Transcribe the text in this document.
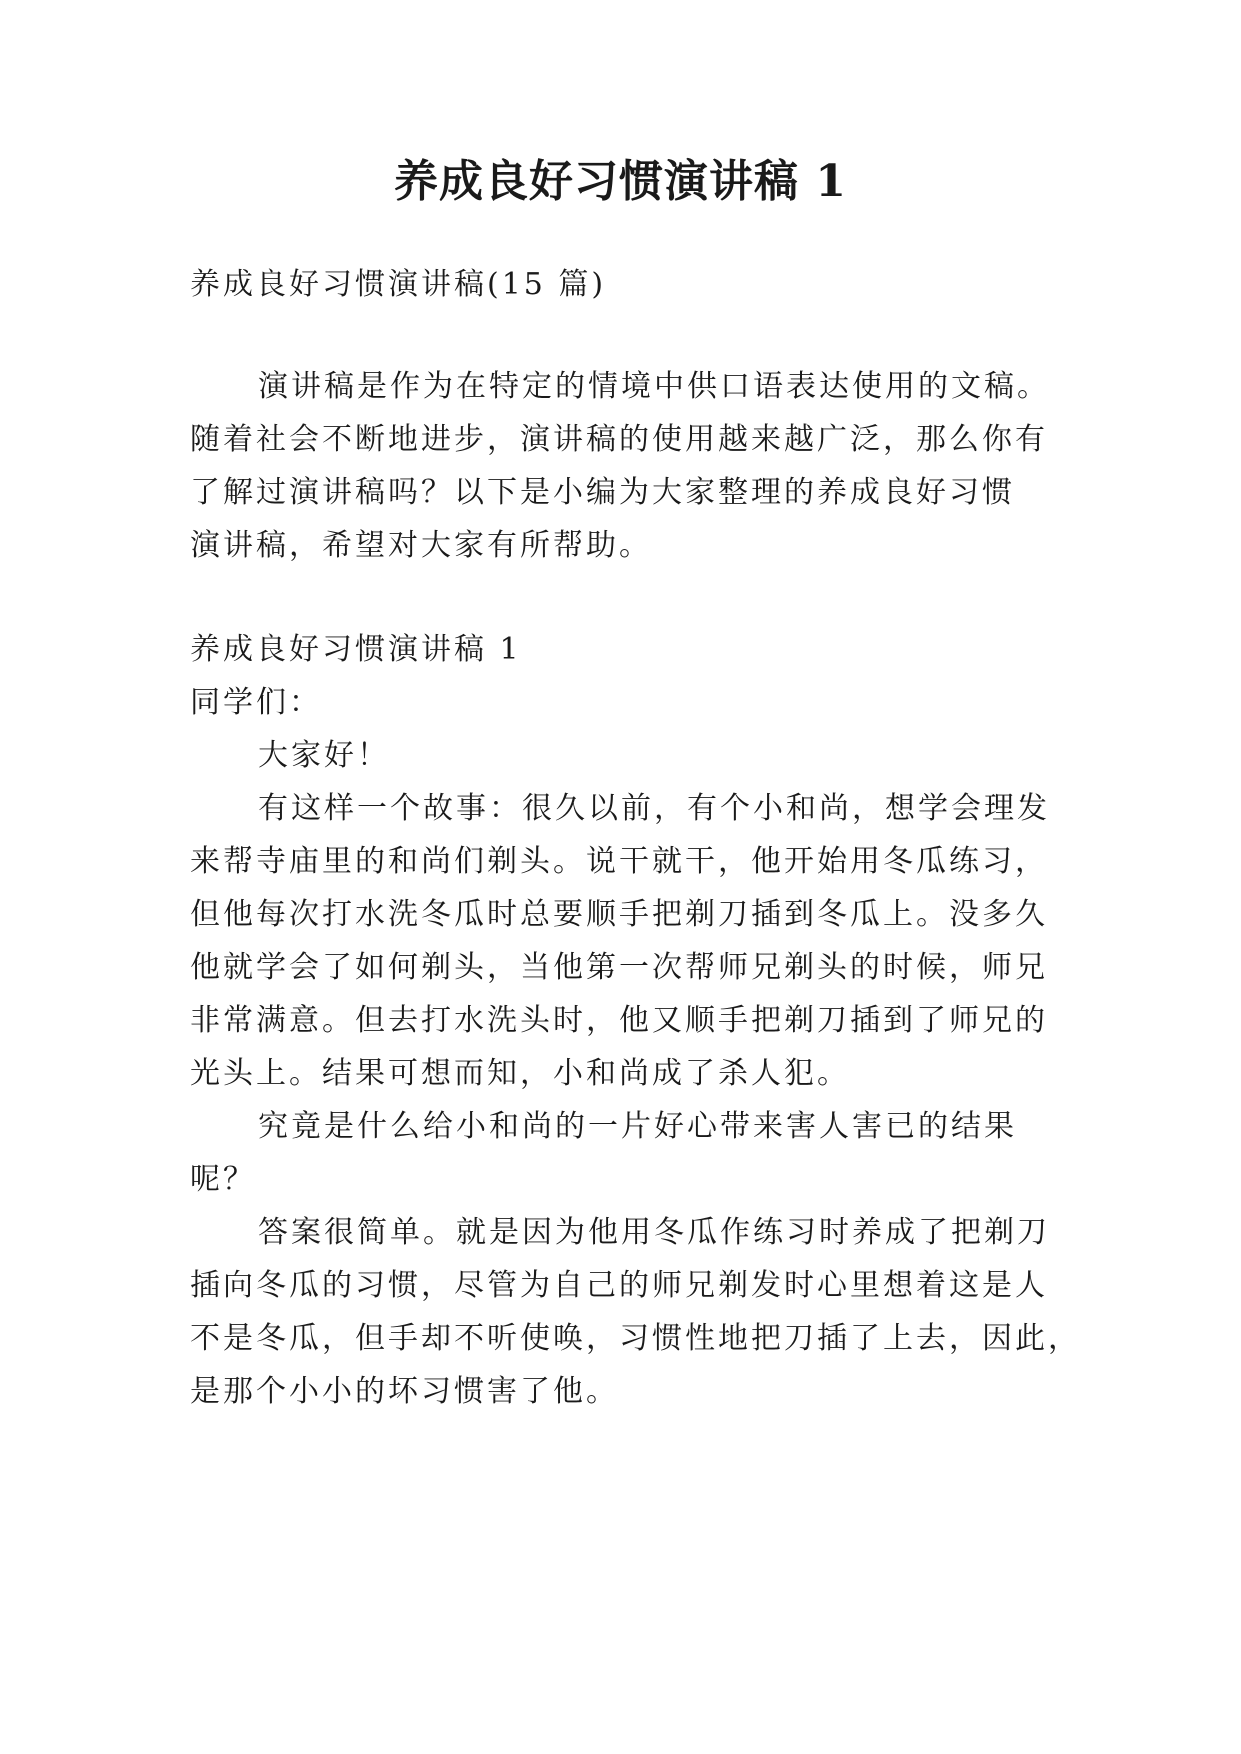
养成良好习惯演讲稿 1
养成良好习惯演讲稿(15 篇)
演讲稿是作为在特定的情境中供口语表达使用的文稿。
随着社会不断地进步，演讲稿的使用越来越广泛，那么你有
了解过演讲稿吗？以下是小编为大家整理的养成良好习惯
演讲稿，希望对大家有所帮助。
养成良好习惯演讲稿 1
同学们：
大家好！
有这样一个故事：很久以前，有个小和尚，想学会理发
来帮寺庙里的和尚们剃头。说干就干，他开始用冬瓜练习，
但他每次打水洗冬瓜时总要顺手把剃刀插到冬瓜上。没多久
他就学会了如何剃头，当他第一次帮师兄剃头的时候，师兄
非常满意。但去打水洗头时，他又顺手把剃刀插到了师兄的
光头上。结果可想而知，小和尚成了杀人犯。
究竟是什么给小和尚的一片好心带来害人害已的结果
呢？
答案很简单。就是因为他用冬瓜作练习时养成了把剃刀
插向冬瓜的习惯，尽管为自己的师兄剃发时心里想着这是人
不是冬瓜，但手却不听使唤，习惯性地把刀插了上去，因此，
是那个小小的坏习惯害了他。
